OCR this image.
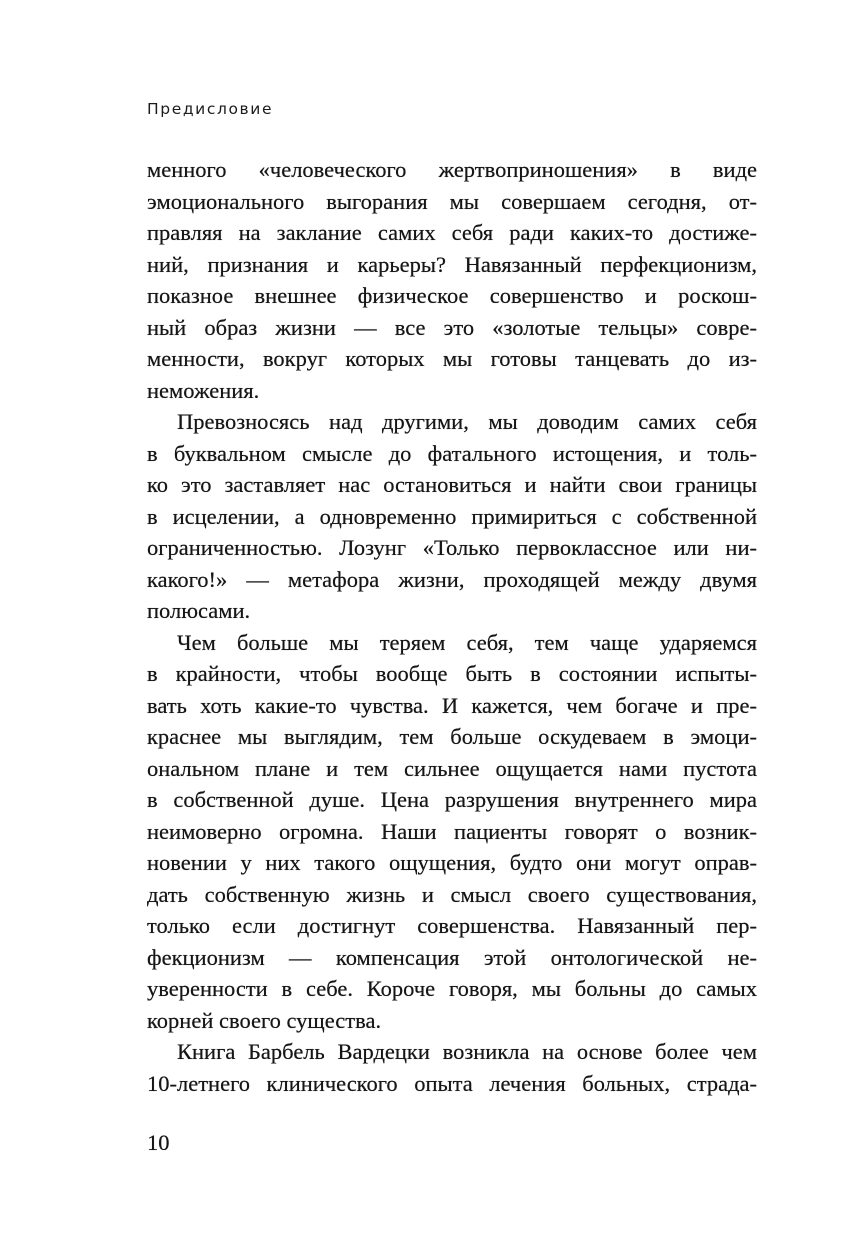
Предисловие
менного «человеческого жертвоприношения» в виде
эмоционального выгорания мы совершаем сегодня, от-
правляя на заклание самих себя ради каких-то достиже-
ний, признания и карьеры? Навязанный перфекционизм,
показное внешнее физическое совершенство и роскош-
ный образ жизни — все это «золотые тельцы» совре-
менности, вокруг которых мы готовы танцевать до из-
неможения.
Превозносясь над другими, мы доводим самих себя
в буквальном смысле до фатального истощения, и толь-
ко это заставляет нас остановиться и найти свои границы
в исцелении, а одновременно примириться с собственной
ограниченностью. Лозунг «Только первоклассное или ни-
какого!» — метафора жизни, проходящей между двумя
полюсами.
Чем больше мы теряем себя, тем чаще ударяемся
в крайности, чтобы вообще быть в состоянии испыты-
вать хоть какие-то чувства. И кажется, чем богаче и пре-
краснее мы выглядим, тем больше оскудеваем в эмоци-
ональном плане и тем сильнее ощущается нами пустота
в собственной душе. Цена разрушения внутреннего мира
неимоверно огромна. Наши пациенты говорят о возник-
новении у них такого ощущения, будто они могут оправ-
дать собственную жизнь и смысл своего существования,
только если достигнут совершенства. Навязанный пер-
фекционизм — компенсация этой онтологической не-
уверенности в себе. Короче говоря, мы больны до самых
корней своего существа.
Книга Барбель Вардецки возникла на основе более чем
10-летнего клинического опыта лечения больных, страда-
10
